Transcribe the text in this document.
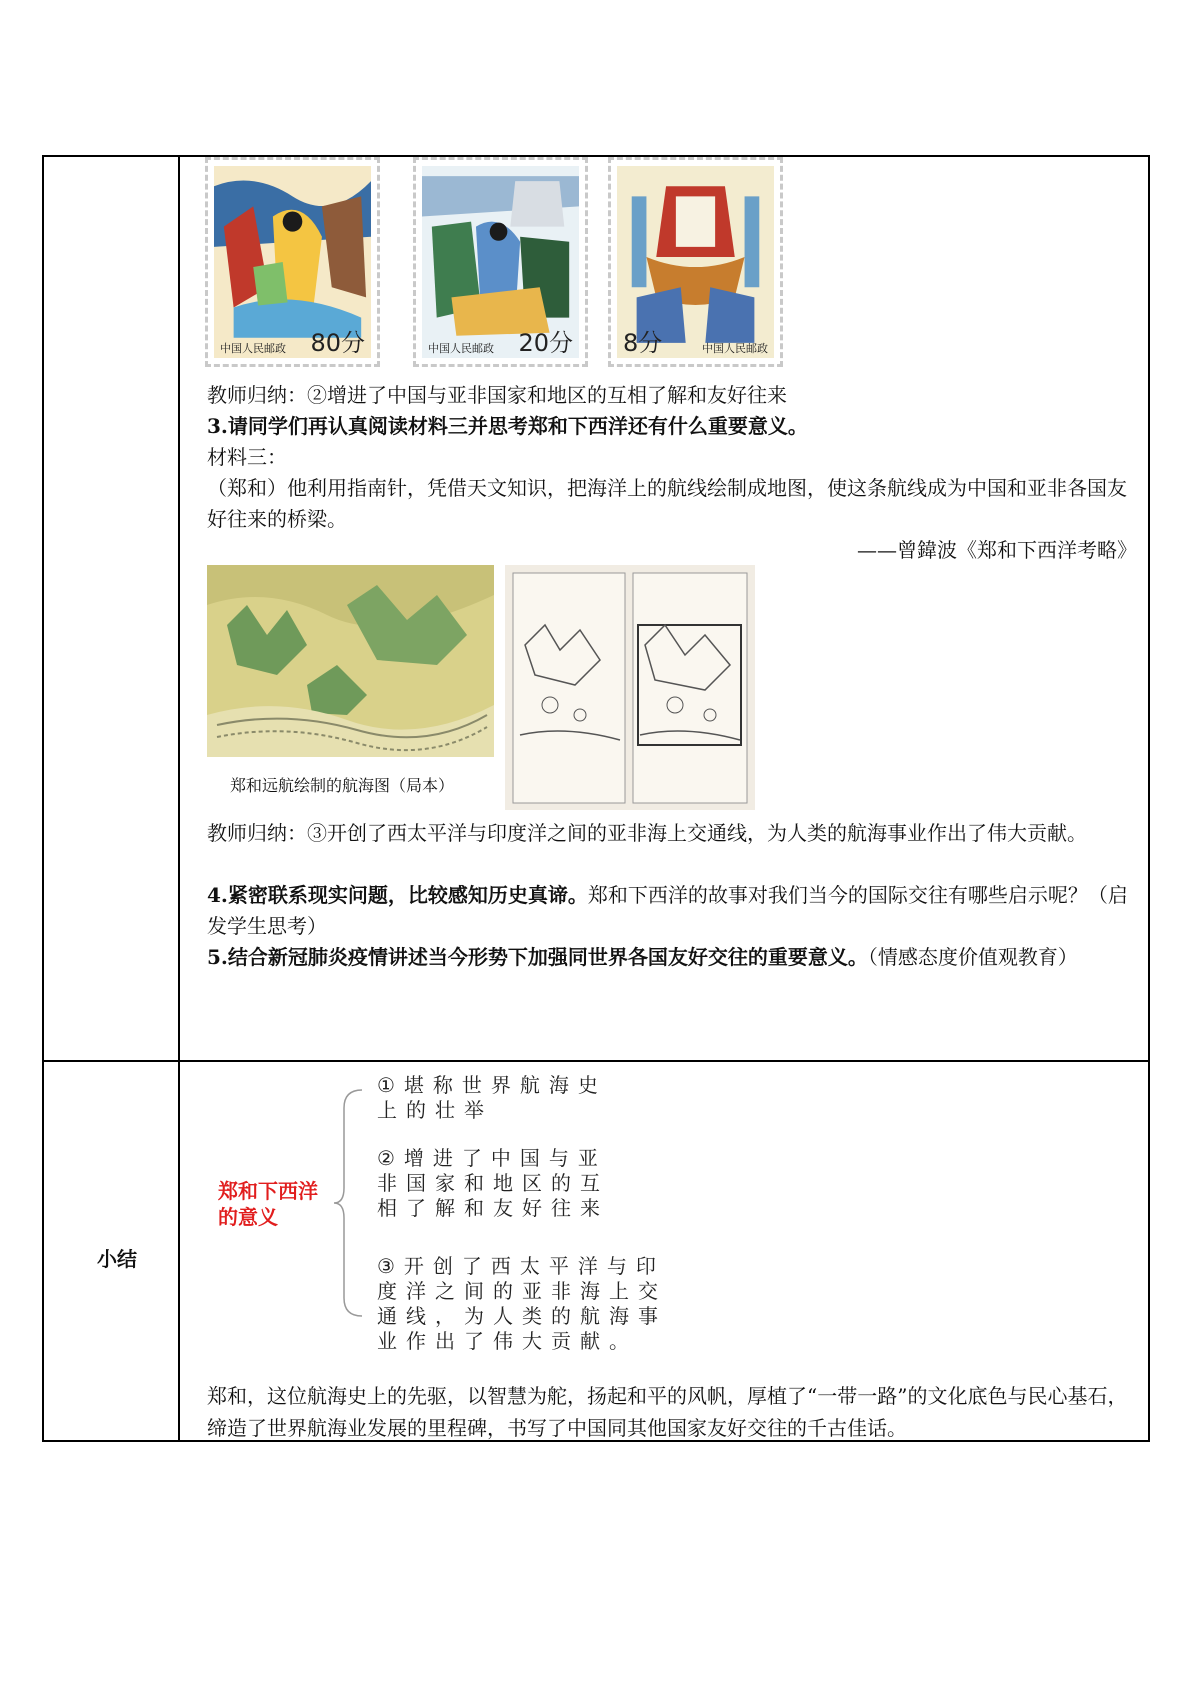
中国人民邮政 80分	中国人民邮政 20分	中国人民邮政
8分
教师归纳：②增进了中国与亚非国家和地区的互相了解和友好往来
3.请同学们再认真阅读材料三并思考郑和下西洋还有什么重要意义。
材料三：
（郑和）他利用指南针，凭借天文知识，把海洋上的航线绘制成地图，使这条航线成为中国和亚非各国友好往来的桥梁。
——曾鍏波《郑和下西洋考略》
郑和远航绘制的航海图（局本）
教师归纳：③开创了西太平洋与印度洋之间的亚非海上交通线，为人类的航海事业作出了伟大贡献。
4.紧密联系现实问题，比较感知历史真谛。郑和下西洋的故事对我们当今的国际交往有哪些启示呢？（启发学生思考）
5.结合新冠肺炎疫情讲述当今形势下加强同世界各国友好交往的重要意义。（情感态度价值观教育）
小结
郑和下西洋的意义
①堪称世界航海史
上的壮举
②增进了中国与亚
非国家和地区的互
相了解和友好往来
③开创了西太平洋与印
度洋之间的亚非海上交
通线，为人类的航海事
业作出了伟大贡献。
郑和，这位航海史上的先驱，以智慧为舵，扬起和平的风帆，厚植了“一带一路”的文化底色与民心基石，缔造了世界航海业发展的里程碑，书写了中国同其他国家友好交往的千古佳话。
